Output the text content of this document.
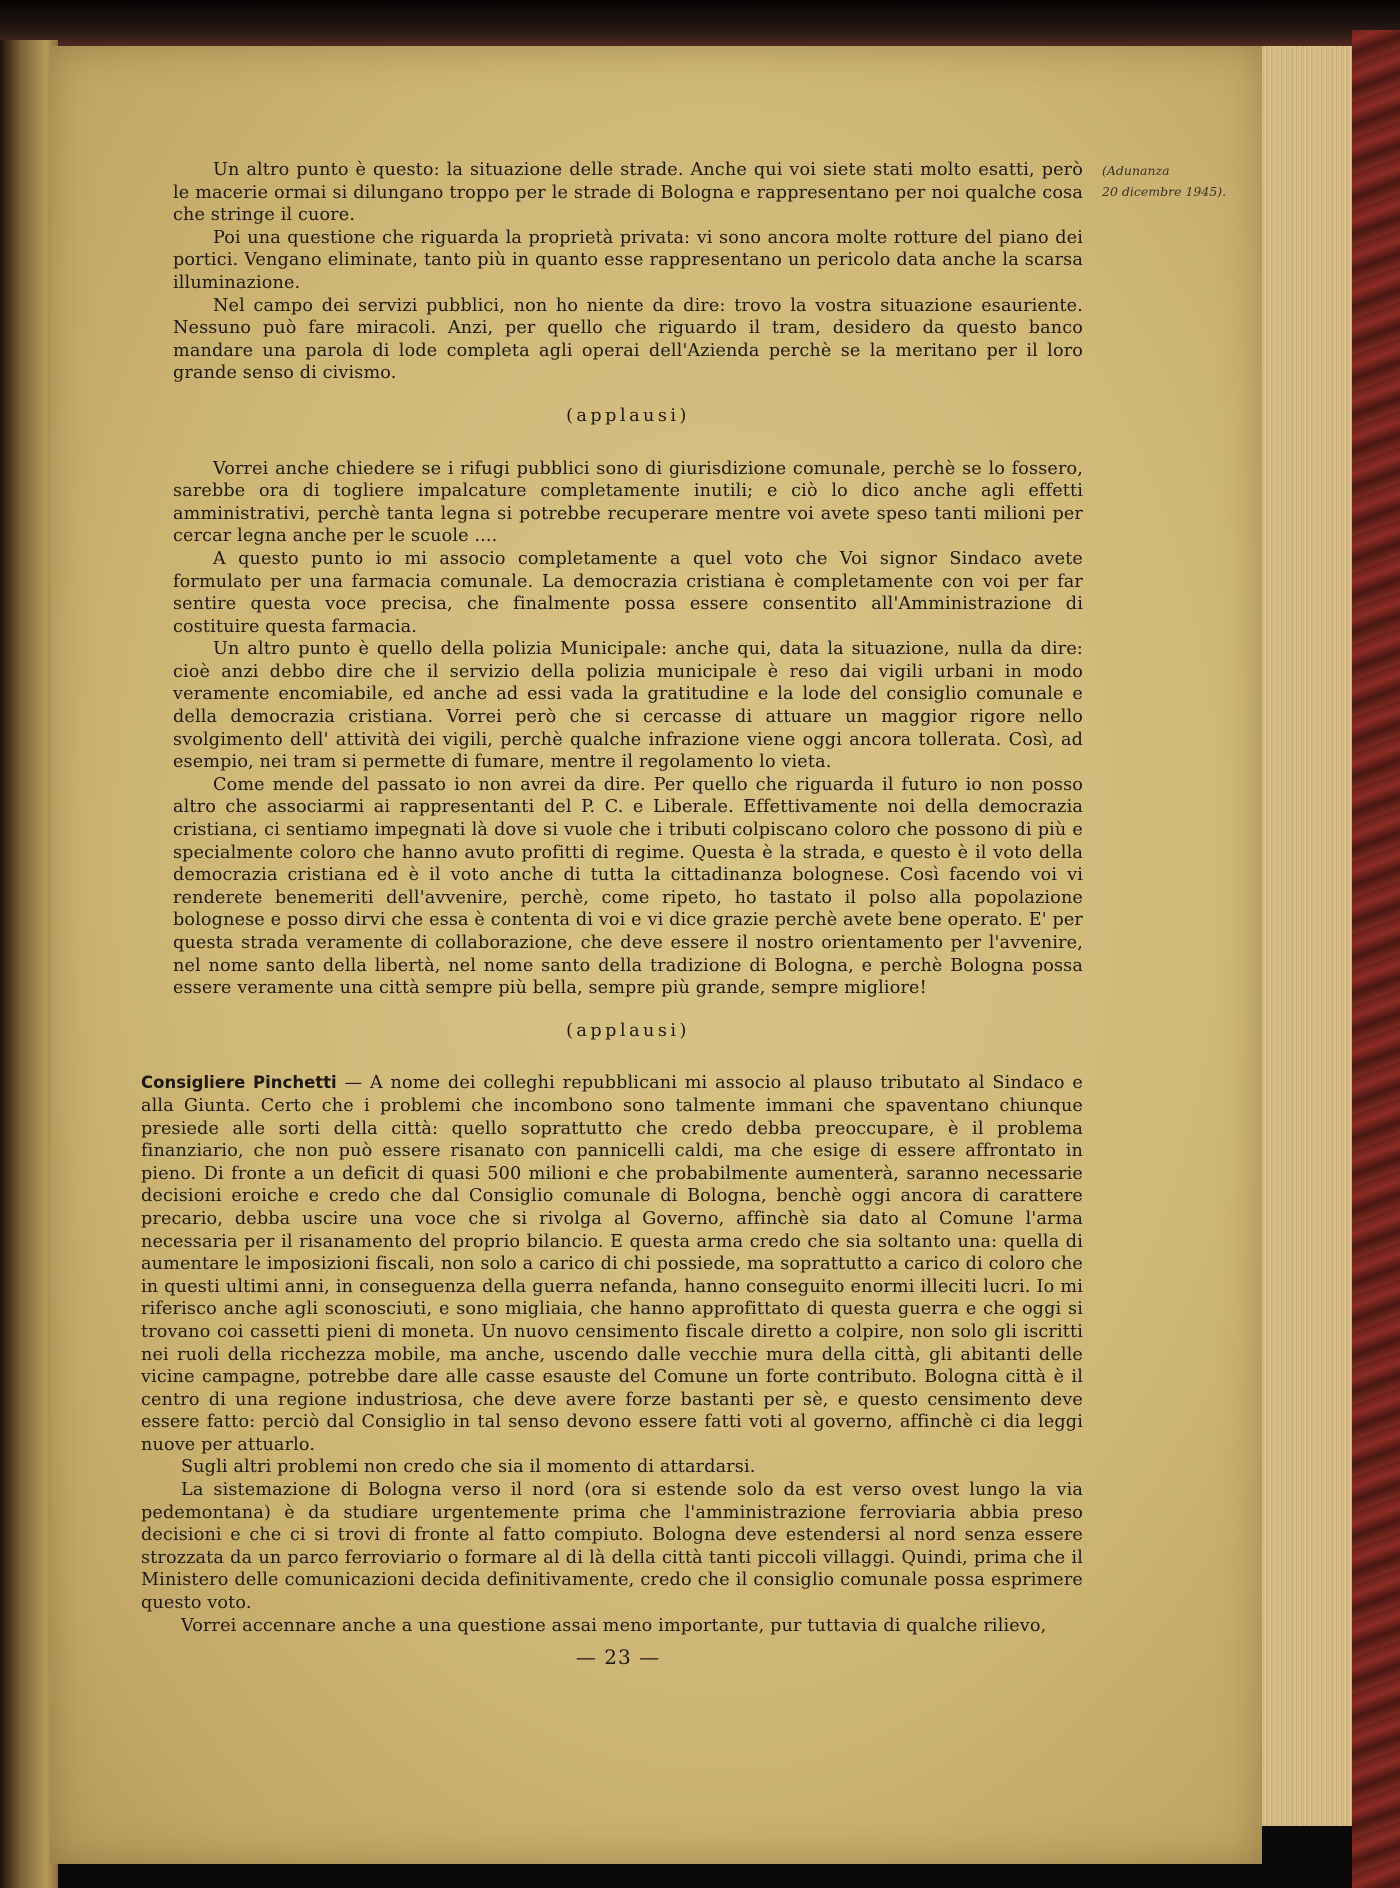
(Adunanza
20 dicembre 1945).

Un altro punto è questo: la situazione delle strade. Anche qui voi siete stati molto esatti, però le macerie ormai si dilungano troppo per le strade di Bologna e rappresentano per noi qualche cosa che stringe il cuore.

Poi una questione che riguarda la proprietà privata: vi sono ancora molte rotture del piano dei portici. Vengano eliminate, tanto più in quanto esse rappresentano un pericolo data anche la scarsa illuminazione.

Nel campo dei servizi pubblici, non ho niente da dire: trovo la vostra situazione esauriente. Nessuno può fare miracoli. Anzi, per quello che riguardo il tram, desidero da questo banco mandare una parola di lode completa agli operai dell'Azienda perchè se la meritano per il loro grande senso di civismo.

(applausi)

Vorrei anche chiedere se i rifugi pubblici sono di giurisdizione comunale, perchè se lo fossero, sarebbe ora di togliere impalcature completamente inutili; e ciò lo dico anche agli effetti amministrativi, perchè tanta legna si potrebbe recuperare mentre voi avete speso tanti milioni per cercar legna anche per le scuole ....

A questo punto io mi associo completamente a quel voto che Voi signor Sindaco avete formulato per una farmacia comunale. La democrazia cristiana è completamente con voi per far sentire questa voce precisa, che finalmente possa essere consentito all'Amministrazione di costituire questa farmacia.

Un altro punto è quello della polizia Municipale: anche qui, data la situazione, nulla da dire: cioè anzi debbo dire che il servizio della polizia municipale è reso dai vigili urbani in modo veramente encomiabile, ed anche ad essi vada la gratitudine e la lode del consiglio comunale e della democrazia cristiana. Vorrei però che si cercasse di attuare un maggior rigore nello svolgimento dell' attività dei vigili, perchè qualche infrazione viene oggi ancora tollerata. Così, ad esempio, nei tram si permette di fumare, mentre il regolamento lo vieta.

Come mende del passato io non avrei da dire. Per quello che riguarda il futuro io non posso altro che associarmi ai rappresentanti del P. C. e Liberale. Effettivamente noi della democrazia cristiana, ci sentiamo impegnati là dove si vuole che i tributi colpiscano coloro che possono di più e specialmente coloro che hanno avuto profitti di regime. Questa è la strada, e questo è il voto della democrazia cristiana ed è il voto anche di tutta la cittadinanza bolognese. Così facendo voi vi renderete benemeriti dell'avvenire, perchè, come ripeto, ho tastato il polso alla popolazione bolognese e posso dirvi che essa è contenta di voi e vi dice grazie perchè avete bene operato. E' per questa strada veramente di collaborazione, che deve essere il nostro orientamento per l'avvenire, nel nome santo della libertà, nel nome santo della tradizione di Bologna, e perchè Bologna possa essere veramente una città sempre più bella, sempre più grande, sempre migliore!

(applausi)

Consigliere Pinchetti — A nome dei colleghi repubblicani mi associo al plauso tributato al Sindaco e alla Giunta. Certo che i problemi che incombono sono talmente immani che spaventano chiunque presiede alle sorti della città: quello soprattutto che credo debba preoccupare, è il problema finanziario, che non può essere risanato con pannicelli caldi, ma che esige di essere affrontato in pieno. Di fronte a un deficit di quasi 500 milioni e che probabilmente aumenterà, saranno necessarie decisioni eroiche e credo che dal Consiglio comunale di Bologna, benchè oggi ancora di carattere precario, debba uscire una voce che si rivolga al Governo, affinchè sia dato al Comune l'arma necessaria per il risanamento del proprio bilancio. E questa arma credo che sia soltanto una: quella di aumentare le imposizioni fiscali, non solo a carico di chi possiede, ma soprattutto a carico di coloro che in questi ultimi anni, in conseguenza della guerra nefanda, hanno conseguito enormi illeciti lucri. Io mi riferisco anche agli sconosciuti, e sono migliaia, che hanno approfittato di questa guerra e che oggi si trovano coi cassetti pieni di moneta. Un nuovo censimento fiscale diretto a colpire, non solo gli iscritti nei ruoli della ricchezza mobile, ma anche, uscendo dalle vecchie mura della città, gli abitanti delle vicine campagne, potrebbe dare alle casse esauste del Comune un forte contributo. Bologna città è il centro di una regione industriosa, che deve avere forze bastanti per sè, e questo censimento deve essere fatto: perciò dal Consiglio in tal senso devono essere fatti voti al governo, affinchè ci dia leggi nuove per attuarlo.

Sugli altri problemi non credo che sia il momento di attardarsi.

La sistemazione di Bologna verso il nord (ora si estende solo da est verso ovest lungo la via pedemontana) è da studiare urgentemente prima che l'amministrazione ferroviaria abbia preso decisioni e che ci si trovi di fronte al fatto compiuto. Bologna deve estendersi al nord senza essere strozzata da un parco ferroviario o formare al di là della città tanti piccoli villaggi. Quindi, prima che il Ministero delle comunicazioni decida definitivamente, credo che il consiglio comunale possa esprimere questo voto.

Vorrei accennare anche a una questione assai meno importante, pur tuttavia di qualche rilievo,

— 23 —
